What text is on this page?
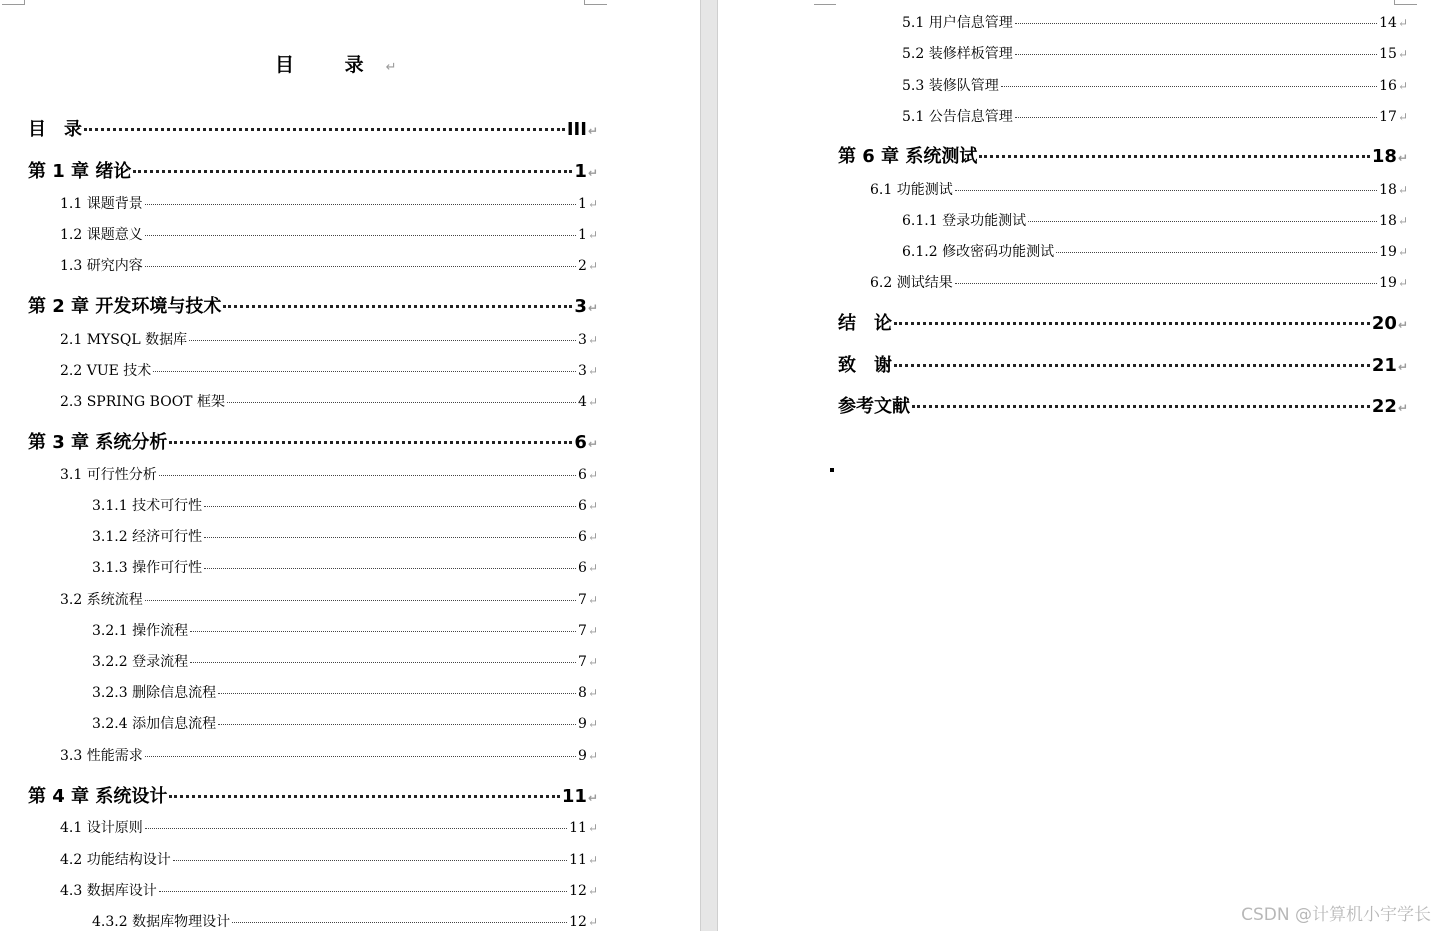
目 录↵
目　录	III ↵
第 1 章 绪论	1 ↵
1.1 课题背景	1 ↵
1.2 课题意义	1 ↵
1.3 研究内容	2 ↵
第 2 章 开发环境与技术	3 ↵
2.1 MYSQL 数据库	3 ↵
2.2 VUE 技术	3 ↵
2.3 SPRING BOOT 框架	4 ↵
第 3 章 系统分析	6 ↵
3.1 可行性分析	6 ↵
3.1.1 技术可行性	6 ↵
3.1.2 经济可行性	6 ↵
3.1.3 操作可行性	6 ↵
3.2 系统流程	7 ↵
3.2.1 操作流程	7 ↵
3.2.2 登录流程	7 ↵
3.2.3 删除信息流程	8 ↵
3.2.4 添加信息流程	9 ↵
3.3 性能需求	9 ↵
第 4 章 系统设计	11 ↵
4.1 设计原则	11 ↵
4.2 功能结构设计	11 ↵
4.3 数据库设计	12 ↵
4.3.2 数据库物理设计	12 ↵
5.1 用户信息管理	14 ↵
5.2 装修样板管理	15 ↵
5.3 装修队管理	16 ↵
5.1 公告信息管理	17 ↵
第 6 章 系统测试	18 ↵
6.1 功能测试	18 ↵
6.1.1 登录功能测试	18 ↵
6.1.2 修改密码功能测试	19 ↵
6.2 测试结果	19 ↵
结　论	20 ↵
致　谢	21 ↵
参考文献	22 ↵
CSDN @计算机小宇学长
